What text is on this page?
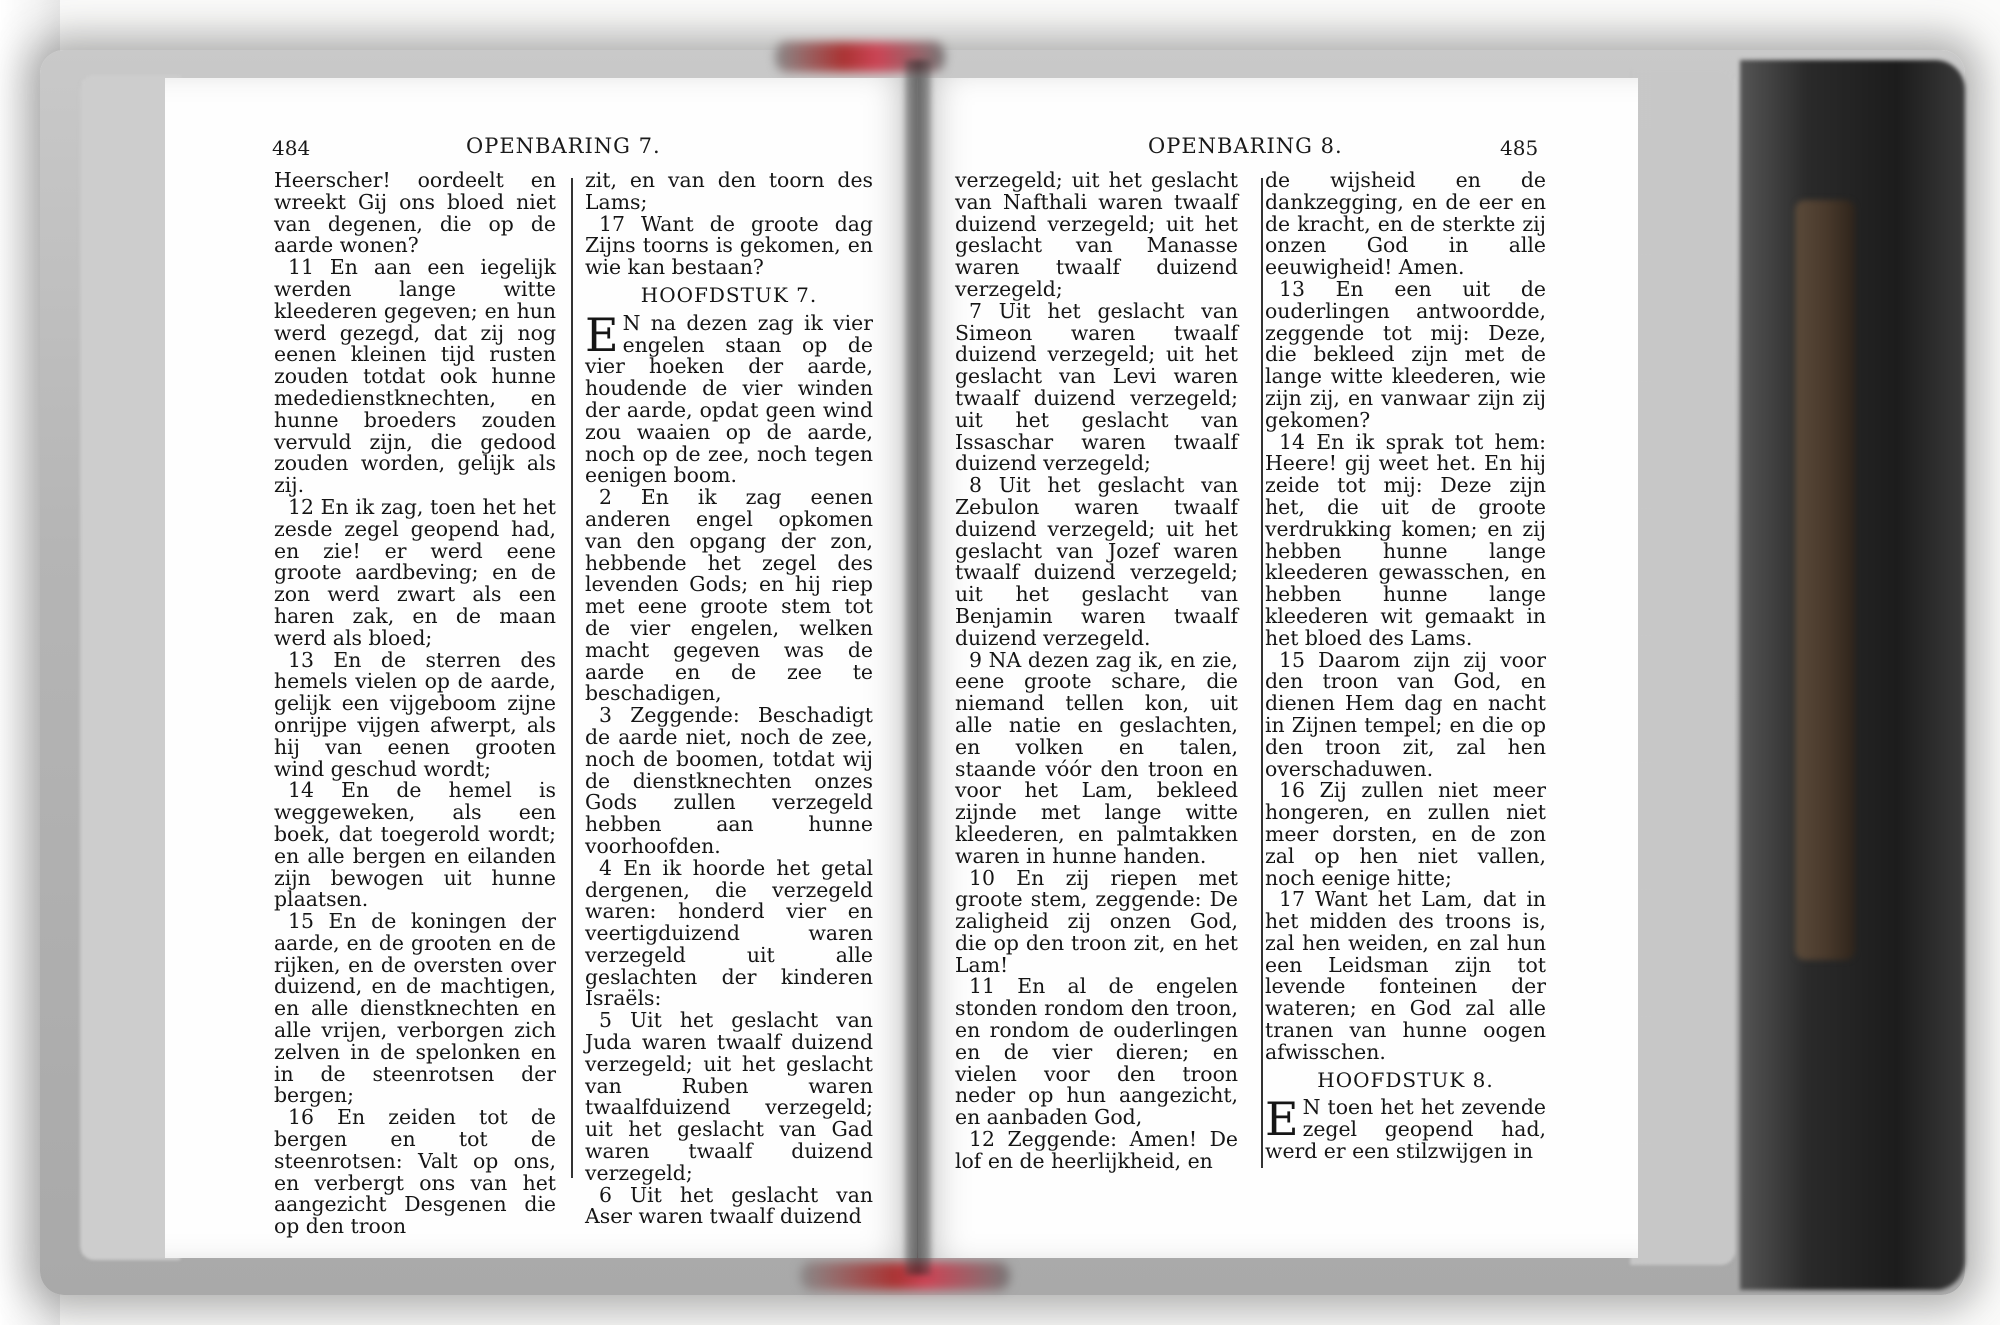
484	OPENBARING 7.	OPENBARING 8.	485

Heerscher! oordeelt en wreekt Gij ons bloed niet van degenen, die op de aarde wonen?

11 En aan een iegelijk werden lange witte kleederen gegeven; en hun werd gezegd, dat zij nog eenen kleinen tijd rusten zouden totdat ook hunne mededienstknechten, en hunne broeders zouden vervuld zijn, die gedood zouden worden, gelijk als zij.

12 En ik zag, toen het het zesde zegel geopend had, en zie! er werd eene groote aardbeving; en de zon werd zwart als een haren zak, en de maan werd als bloed;

13 En de sterren des hemels vielen op de aarde, gelijk een vijgeboom zijne onrijpe vijgen afwerpt, als hij van eenen grooten wind geschud wordt;

14 En de hemel is weggeweken, als een boek, dat toegerold wordt; en alle bergen en eilanden zijn bewogen uit hunne plaatsen.

15 En de koningen der aarde, en de grooten en de rijken, en de oversten over duizend, en de machtigen, en alle dienstknechten en alle vrijen, verborgen zich zelven in de spelonken en in de steenrotsen der bergen;

16 En zeiden tot de bergen en tot de steenrotsen: Valt op ons, en verbergt ons van het aangezicht Desgenen die op den troon

zit, en van den toorn des Lams;

17 Want de groote dag Zijns toorns is gekomen, en wie kan bestaan?

HOOFDSTUK 7.

E N na dezen zag ik vier engelen staan op de vier hoeken der aarde, houdende de vier winden der aarde, opdat geen wind zou waaien op de aarde, noch op de zee, noch tegen eenigen boom.

2 En ik zag eenen anderen engel opkomen van den opgang der zon, hebbende het zegel des levenden Gods; en hij riep met eene groote stem tot de vier engelen, welken macht gegeven was de aarde en de zee te beschadigen,

3 Zeggende: Beschadigt de aarde niet, noch de zee, noch de boomen, totdat wij de dienstknechten onzes Gods zullen verzegeld hebben aan hunne voorhoofden.

4 En ik hoorde het getal dergenen, die verzegeld waren: honderd vier en veertigduizend waren verzegeld uit alle geslachten der kinderen Israëls:

5 Uit het geslacht van Juda waren twaalf duizend verzegeld; uit het geslacht van Ruben waren twaalfduizend verzegeld; uit het geslacht van Gad waren twaalf duizend verzegeld;

6 Uit het geslacht van Aser waren twaalf duizend

verzegeld; uit het geslacht van Nafthali waren twaalf duizend verzegeld; uit het geslacht van Manasse waren twaalf duizend verzegeld;

7 Uit het geslacht van Simeon waren twaalf duizend verzegeld; uit het geslacht van Levi waren twaalf duizend verzegeld; uit het geslacht van Issaschar waren twaalf duizend verzegeld;

8 Uit het geslacht van Zebulon waren twaalf duizend verzegeld; uit het geslacht van Jozef waren twaalf duizend verzegeld; uit het geslacht van Benjamin waren twaalf duizend verzegeld.

9 NA dezen zag ik, en zie, eene groote schare, die niemand tellen kon, uit alle natie en geslachten, en volken en talen, staande vóór den troon en voor het Lam, bekleed zijnde met lange witte kleederen, en palmtakken waren in hunne handen.

10 En zij riepen met groote stem, zeggende: De zaligheid zij onzen God, die op den troon zit, en het Lam!

11 En al de engelen stonden rondom den troon, en rondom de ouderlingen en de vier dieren; en vielen voor den troon neder op hun aangezicht, en aanbaden God,

12 Zeggende: Amen! De lof en de heerlijkheid, en

de wijsheid en de dankzegging, en de eer en de kracht, en de sterkte zij onzen God in alle eeuwigheid! Amen.

13 En een uit de ouderlingen antwoordde, zeggende tot mij: Deze, die bekleed zijn met de lange witte kleederen, wie zijn zij, en vanwaar zijn zij gekomen?

14 En ik sprak tot hem: Heere! gij weet het. En hij zeide tot mij: Deze zijn het, die uit de groote verdrukking komen; en zij hebben hunne lange kleederen gewasschen, en hebben hunne lange kleederen wit gemaakt in het bloed des Lams.

15 Daarom zijn zij voor den troon van God, en dienen Hem dag en nacht in Zijnen tempel; en die op den troon zit, zal hen overschaduwen.

16 Zij zullen niet meer hongeren, en zullen niet meer dorsten, en de zon zal op hen niet vallen, noch eenige hitte;

17 Want het Lam, dat in het midden des troons is, zal hen weiden, en zal hun een Leidsman zijn tot levende fonteinen der wateren; en God zal alle tranen van hunne oogen afwisschen.

HOOFDSTUK 8.

E N toen het het zevende zegel geopend had, werd er een stilzwijgen in
